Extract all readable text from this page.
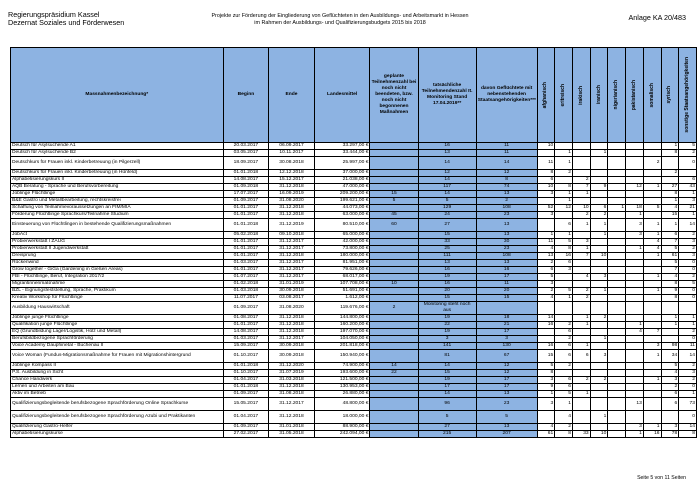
Regierungspräsidium Kassel
Dezernat Soziales und Förderwesen
Projekte zur Förderung der Eingliederung von Geflüchteten in den Ausbildungs- und Arbeitsmarkt in Hessen
im Rahmen der Ausbildungs- und Qualifizierungsbudgets 2015 bis 2018
Anlage KA 20/483
Massnahmenbezeichnung*	Beginn	Ende	Landesmittel	geplante Teilnehmenzahl bei noch nicht beendeten, bzw. noch nicht begonnenen Maßnahmen	tatsächliche Teilnehmendenzahl It. Monitoring Stand 17.04.2019**	davon Geflüchtete mit nebenstehenden Staatsangehörigkeiten***	afghanisch	eritreisch	irakisch	iranisch	nigerianisch	pakistanisch	somalisch	syrisch	sonstige Staatsangehörigkeiten

Deutsch für Asylsuchende A1	20.03.2017	06.09.2017	33.297,00 €		16	11	10							1	5
Deutsch für Asylsuchende B2	03.05.2017	10.11.2017	33.444,00 €		13	11		1		1				8	2
Deutschkurs für Frauen inkl. Kinderbetreuung (in Pilgerzell)	18.09.2017	30.08.2018	25.997,00 €		14	14	11	1					2		0
Deutschkurs für Frauen inkl. Kinderbetreuung (in Hünfeld)	01.01.2018	12.12.2018	37.000,00 €		12	12	8	2						2	
Alphabetisierungskurs II	14.08.2017	15.12.2017	21.038,00 €		14	8	6		2						6
AQB Beratung - Sprache und Berufsvorbereitung	01.09.2018	31.12.2018	47.000,00 €		117	74	10	8	7	9		12	1	27	43
Joblinge Flüchtlinge	17.07.2017	16.09.2019	209.200,00 €	15	14	13	3	1	1					8	1
B&E Gastro und Metallbearbeitung, rechtskreisfrei	01.09.2017	31.08.2020	199.621,00 €	5	5	2		1						1	3
Schaffung von Teilnahmevoraussetzungen an FIM/MIA	01.01.2017	31.12.2018	44.073,00 €		129	108	52	12	10	6	1	18	5	4	21
Förderung Flüchtlinge Sprachkurs/Teilnahme Studium	01.01.2017	31.12.2018	63.000,00 €	45	24	23	3		2	2		1		15	1
Einsteuerung von Flüchtlingen in bestehende Qualifizierungsmaßnahmen	01.01.2018	31.12.2019	80.510,00 €	60	27	13		6	1	1		3	1	1	14
JobAct	05.02.2018	09.10.2018	65.000,00 €		15	13	1	1		1		3	1	6	2
Probierwerkstatt I ZAUG	01.01.2017	31.12.2017	42.000,00 €		33	30	11	5	3				4	7	3
Probierwerkstatt II Jugendwerkstatt	01.01.2017	31.12.2017	73.800,00 €		25	23	4	8	1			1	4	5	2
Dreisprung	01.01.2017	31.12.2018	180.000,00 €		111	108	13	16	7	10			1	61	3
Rückenwind	01.03.2017	31.12.2017	81.951,00 €		13	13	2	6						5	0
Grow together - GiGa (Gardening in Gießen Areas)	01.01.2017	31.12.2017	79.626,00 €		16	16	6	3						7	0
FBI - Flüchtlinge, Beruf, Integration 2017/2	01.07.2017	31.12.2017	68.017,00 €		19	17	5		4	3			1	4	2
Migrantinnenmaßnahme	01.02.2018	31.01.2019	107.708,00 €	10	16	11	3							8	5
BZL - Eignungsfeststellung, Sprache, Praktikum	01.03.2018	30.09.2018	51.691,00 €		20	20	2	5	2	1			1	9	0
Kreativ Workshop für Flüchtlinge	11.07.2017	03.08.2017	1.612,00 €		15	15	4	1	2					8	0
Ausbildung Hauswirtschaft	01.09.2017	31.08.2020	119.676,00 €	2	Monitoring steht noch aus										
Joblinge junge Flüchtlinge	01.08.2017	31.12.2018	144.800,00 €		19	18	14		1	2				1	1
Qualifikation junge Flüchtlinge	01.01.2017	31.12.2018	160.200,00 €		22	21	16	2	1			1		1	1
EQ (Grundbildung Lager/Logistik, Holz und Metall)	14.08.2017	31.12.2018	197.070,00 €		19	17		6				4	7		2
Berufsbildbezogene Sprachförderung	01.03.2017	31.12.2017	104.050,00 €		3	3		2		1					0
Voice Academy Dauphinetal - Buchenau II	15.09.2017	30.09.2018	201.818,00 €		141	130	16	6	1				3	98	11
Voice Woman (Fundus-Migrationsmaßnahme für Frauen mit Migrationshintergrund	01.10.2017	30.09.2018	150.940,00 €		81	67	15	6	6	3			1	34	14
Joblinge Kompass II	01.01.2018	31.12.2020	74.900,00 €	14	14	12	5	2						5	2
P.S. Ausbildung in Sicht	01.10.2017	31.07.2019	193.600,00 €	22	15	12	8							4	3
Chance Handwerk	01.04.2017	31.03.2018	121.500,00 €		19	17	3	6	2	2			1	3	2
Lernen und Arbeiten am Bau	01.01.2018	31.12.2018	130.953,00 €		17	17	9	6						2	0
Aktiv im Betrieb	01.09.2017	31.08.2018	26.880,00 €		14	13	1	5	1					6	1
Qualifizierungsbegleitende berufsbezogene Sprachförderung Online Sprachkurse	15.05.2017	31.12.2017	48.800,00 €		96	23	3	1				13		6	73
Qualifizierungsbegleitende berufsbezogene Sprachförderung Azubi und Praktikanten	01.04.2017	31.12.2018	18.000,00 €		5	5		4		1					0
Qualifizierung Gastro-Helfer	01.09.2017	31.01.2018	88.900,00 €		27	13	4	2				3	1	3	14
Alphabetisierungskurse	27.02.2017	31.05.2018	242.094,00 €		215	207	61	8	33	10		1	16	78	8
Seite 5 von 11 Seiten
